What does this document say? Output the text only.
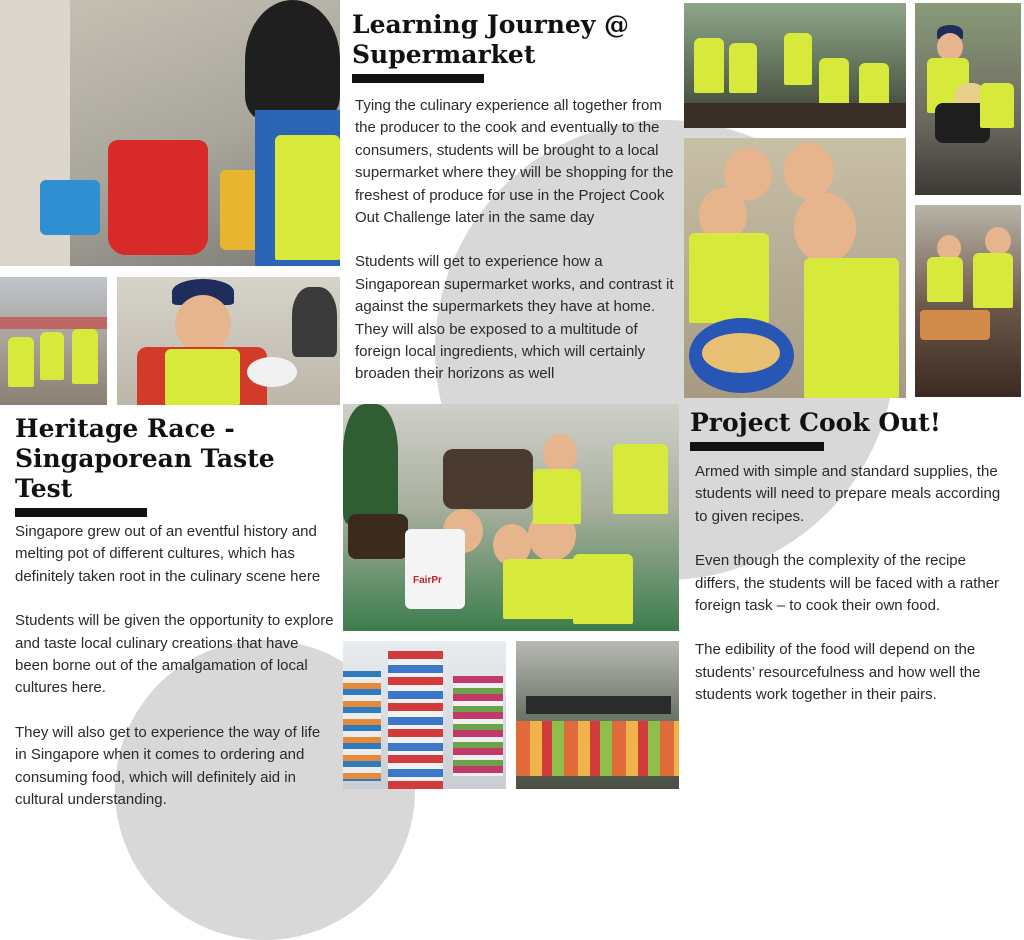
FairPr
Learning Journey @
Supermarket

Tying the culinary experience all together from the producer to the cook and eventually to the consumers, students will be brought to a local supermarket where they will be shopping for the freshest of produce for use in the Project Cook Out Challenge later in the same day

Students will get to experience how a Singaporean supermarket works, and contrast it against the supermarkets they have at home. They will also be exposed to a multitude of foreign local ingredients, which will certainly broaden their horizons as well

Heritage Race -
Singaporean Taste Test

Singapore grew out of an eventful history and melting pot of different cultures, which has definitely taken root in the culinary scene here

Students will be given the opportunity to explore and taste local culinary creations that have been borne out of the amalgamation of local cultures here.

They will also get to experience the way of life in Singapore when it comes to ordering and consuming food, which will definitely aid in cultural understanding.

Project Cook Out!

Armed with simple and standard supplies, the students will need to prepare meals according to given recipes.

Even though the complexity of the recipe differs, the students will be faced with a rather foreign task – to cook their own food.

The edibility of the food will depend on the students’ resourcefulness and how well the students work together in their pairs.
